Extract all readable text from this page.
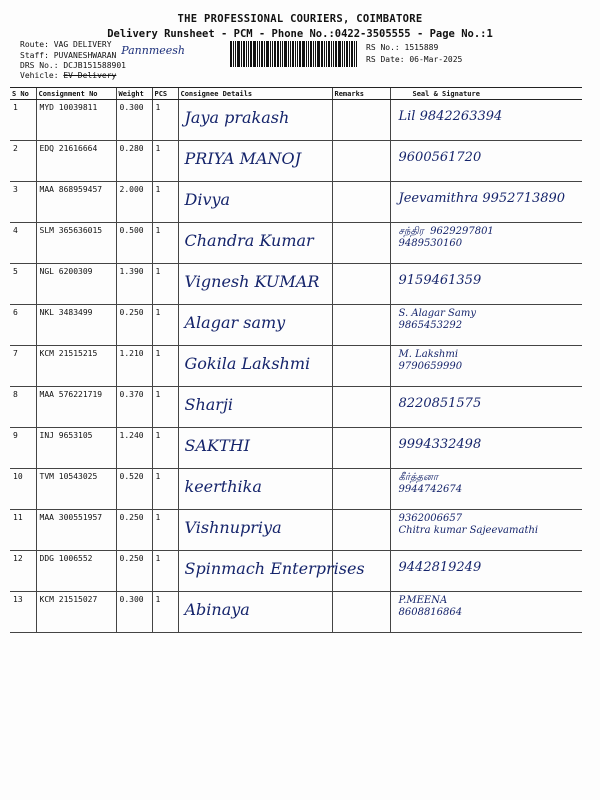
THE PROFESSIONAL COURIERS, COIMBATORE
Delivery Runsheet - PCM - Phone No.:0422-3505555 - Page No.:1
Route: VAG DELIVERY
Staff: PUVANESHWARAN Pannmeesh
DRS No.: DCJB151588901
Vehicle: EV Delivery
RS No.: 1515889
RS Date: 06-Mar-2025
S No	Consignment No	Weight	PCS	Consignee Details	Remarks	Seal & Signature
1	MYD 10039811	0.300	1	Jaya prakash		Lil 9842263394

2	EDQ 21616664	0.280	1	PRIYA MANOJ		9600561720

3	MAA 868959457	2.000	1	Divya		Jeevamithra 9952713890

4	SLM 365636015	0.500	1	Chandra Kumar		சந்திர  9629297801
9489530160

5	NGL 6200309	1.390	1	Vignesh KUMAR		9159461359

6	NKL 3483499	0.250	1	Alagar samy		S. Alagar Samy
9865453292

7	KCM 21515215	1.210	1	Gokila Lakshmi		M. Lakshmi
9790659990

8	MAA 576221719	0.370	1	Sharji		8220851575

9	INJ 9653105	1.240	1	SAKTHI		9994332498

10	TVM 10543025	0.520	1	keerthika		கீர்த்தனா
9944742674

11	MAA 300551957	0.250	1	Vishnupriya		9362006657
Chitra kumar Sajeevamathi

12	DDG 1006552	0.250	1	Spinmach Enterprises		9442819249

13	KCM 21515027	0.300	1	Abinaya		P.MEENA
8608816864
